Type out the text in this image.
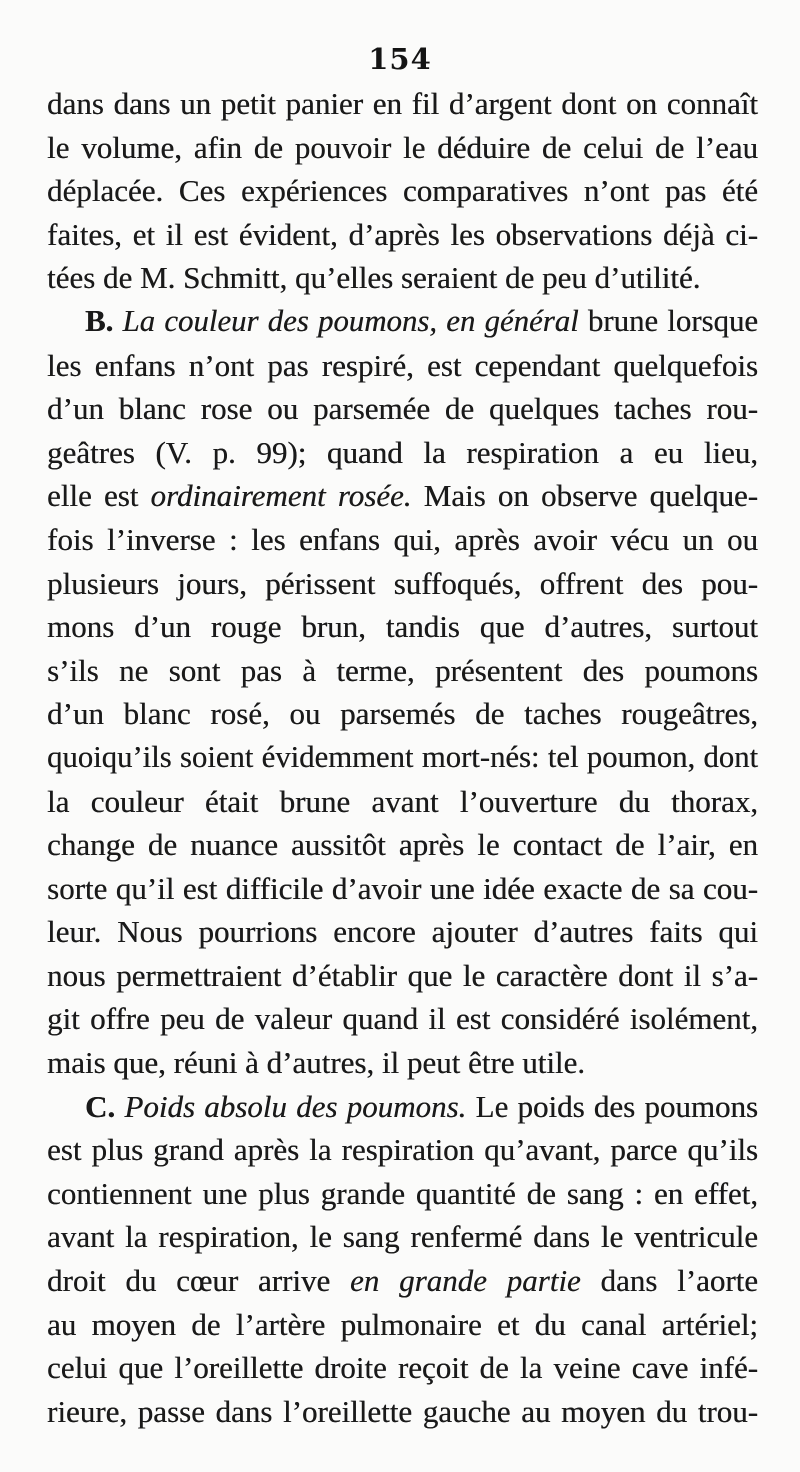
154
dans dans un petit panier en fil d’argent dont on connaît
le volume, afin de pouvoir le déduire de celui de l’eau
déplacée. Ces expériences comparatives n’ont pas été
faites, et il est évident, d’après les observations déjà ci-
tées de M. Schmitt, qu’elles seraient de peu d’utilité.
B. La couleur des poumons, en général brune lorsque
les enfans n’ont pas respiré, est cependant quelquefois
d’un blanc rose ou parsemée de quelques taches rou-
geâtres (V. p. 99); quand la respiration a eu lieu,
elle est ordinairement rosée. Mais on observe quelque-
fois l’inverse : les enfans qui, après avoir vécu un ou
plusieurs jours, périssent suffoqués, offrent des pou-
mons d’un rouge brun, tandis que d’autres, surtout
s’ils ne sont pas à terme, présentent des poumons
d’un blanc rosé, ou parsemés de taches rougeâtres,
quoiqu’ils soient évidemment mort-nés: tel poumon, dont
la couleur était brune avant l’ouverture du thorax,
change de nuance aussitôt après le contact de l’air, en
sorte qu’il est difficile d’avoir une idée exacte de sa cou-
leur. Nous pourrions encore ajouter d’autres faits qui
nous permettraient d’établir que le caractère dont il s’a-
git offre peu de valeur quand il est considéré isolément,
mais que, réuni à d’autres, il peut être utile.
C. Poids absolu des poumons. Le poids des poumons
est plus grand après la respiration qu’avant, parce qu’ils
contiennent une plus grande quantité de sang : en effet,
avant la respiration, le sang renfermé dans le ventricule
droit du cœur arrive en grande partie dans l’aorte
au moyen de l’artère pulmonaire et du canal artériel;
celui que l’oreillette droite reçoit de la veine cave infé-
rieure, passe dans l’oreillette gauche au moyen du trou-
